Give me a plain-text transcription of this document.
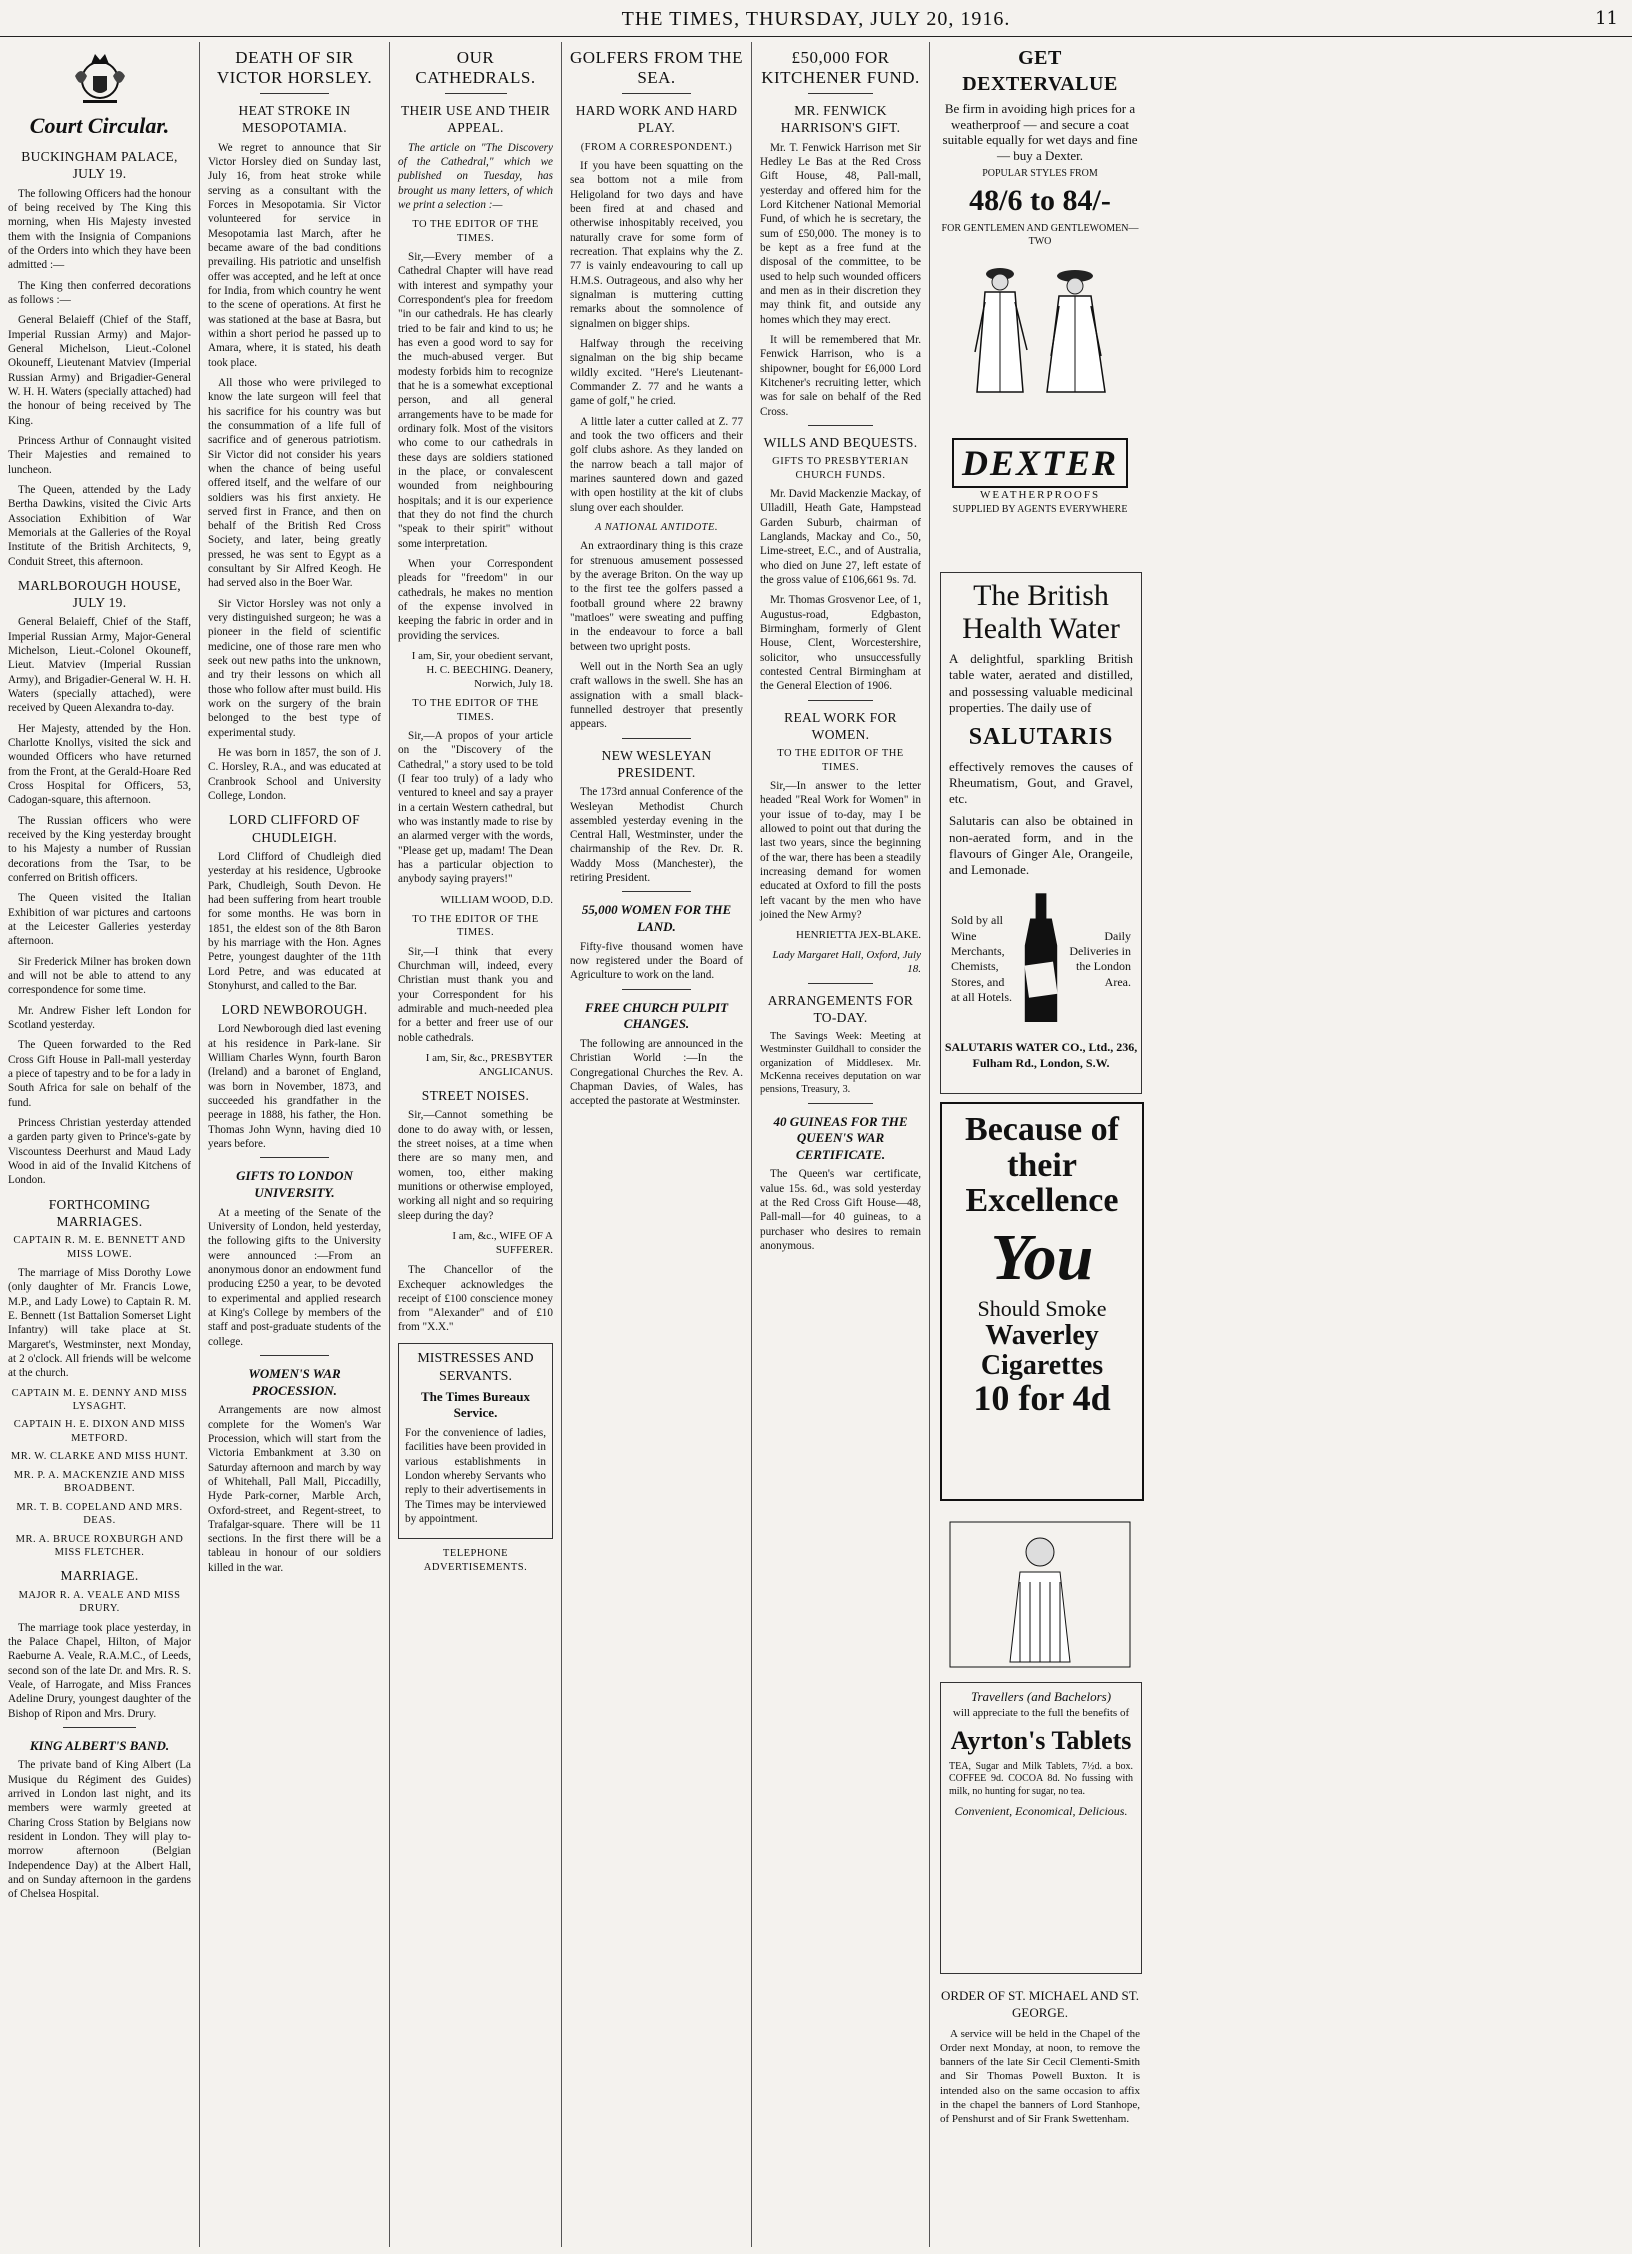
THE TIMES, THURSDAY, JULY 20, 1916.	11
Court Circular.
BUCKINGHAM PALACE, JULY 19.

The following Officers had the honour of being received by The King this morning, when His Majesty invested them with the Insignia of Companions of the Orders into which they have been admitted :—

The King then conferred decorations as follows :—

General Belaieff (Chief of the Staff, Imperial Russian Army) and Major-General Michelson, Lieut.-Colonel Okouneff, Lieutenant Matviev (Imperial Russian Army) and Brigadier-General W. H. H. Waters (specially attached) had the honour of being received by The King.

Princess Arthur of Connaught visited Their Majesties and remained to luncheon.

The Queen, attended by the Lady Bertha Dawkins, visited the Civic Arts Association Exhibition of War Memorials at the Galleries of the Royal Institute of the British Architects, 9, Conduit Street, this afternoon.

MARLBOROUGH HOUSE, JULY 19.

General Belaieff, Chief of the Staff, Imperial Russian Army, Major-General Michelson, Lieut.-Colonel Okouneff, Lieut. Matviev (Imperial Russian Army), and Brigadier-General W. H. H. Waters (specially attached), were received by Queen Alexandra to-day.

Her Majesty, attended by the Hon. Charlotte Knollys, visited the sick and wounded Officers who have returned from the Front, at the Gerald-Hoare Red Cross Hospital for Officers, 53, Cadogan-square, this afternoon.

The Russian officers who were received by the King yesterday brought to his Majesty a number of Russian decorations from the Tsar, to be conferred on British officers.

The Queen visited the Italian Exhibition of war pictures and cartoons at the Leicester Galleries yesterday afternoon.

Sir Frederick Milner has broken down and will not be able to attend to any correspondence for some time.

Mr. Andrew Fisher left London for Scotland yesterday.

The Queen forwarded to the Red Cross Gift House in Pall-mall yesterday a piece of tapestry and to be for a lady in South Africa for sale on behalf of the fund.

Princess Christian yesterday attended a garden party given to Prince's-gate by Viscountess Deerhurst and Maud Lady Wood in aid of the Invalid Kitchens of London.

FORTHCOMING MARRIAGES.
CAPTAIN R. M. E. BENNETT AND MISS LOWE.

The marriage of Miss Dorothy Lowe (only daughter of Mr. Francis Lowe, M.P., and Lady Lowe) to Captain R. M. E. Bennett (1st Battalion Somerset Light Infantry) will take place at St. Margaret's, Westminster, next Monday, at 2 o'clock. All friends will be welcome at the church.

CAPTAIN M. E. DENNY AND MISS LYSAGHT.
CAPTAIN H. E. DIXON AND MISS METFORD.
MR. W. CLARKE AND MISS HUNT.
MR. P. A. MACKENZIE AND MISS BROADBENT.
MR. T. B. COPELAND AND MRS. DEAS.
MR. A. BRUCE ROXBURGH AND MISS FLETCHER.
MARRIAGE.
MAJOR R. A. VEALE AND MISS DRURY.

The marriage took place yesterday, in the Palace Chapel, Hilton, of Major Raeburne A. Veale, R.A.M.C., of Leeds, second son of the late Dr. and Mrs. R. S. Veale, of Harrogate, and Miss Frances Adeline Drury, youngest daughter of the Bishop of Ripon and Mrs. Drury.

KING ALBERT'S BAND.

The private band of King Albert (La Musique du Régiment des Guides) arrived in London last night, and its members were warmly greeted at Charing Cross Station by Belgians now resident in London. They will play to-morrow afternoon (Belgian Independence Day) at the Albert Hall, and on Sunday afternoon in the gardens of Chelsea Hospital.

DEATH OF SIR VICTOR HORSLEY.
HEAT STROKE IN MESOPOTAMIA.

We regret to announce that Sir Victor Horsley died on Sunday last, July 16, from heat stroke while serving as a consultant with the Forces in Mesopotamia. Sir Victor volunteered for service in Mesopotamia last March, after he became aware of the bad conditions prevailing. His patriotic and unselfish offer was accepted, and he left at once for India, from which country he went to the scene of operations. At first he was stationed at the base at Basra, but within a short period he passed up to Amara, where, it is stated, his death took place.

All those who were privileged to know the late surgeon will feel that his sacrifice for his country was but the consummation of a life full of sacrifice and of generous patriotism. Sir Victor did not consider his years when the chance of being useful offered itself, and the welfare of our soldiers was his first anxiety. He served first in France, and then on behalf of the British Red Cross Society, and later, being greatly pressed, he was sent to Egypt as a consultant by Sir Alfred Keogh. He had served also in the Boer War.

Sir Victor Horsley was not only a very distinguished surgeon; he was a pioneer in the field of scientific medicine, one of those rare men who seek out new paths into the unknown, and try their lessons on which all those who follow after must build. His work on the surgery of the brain belonged to the best type of experimental study.

He was born in 1857, the son of J. C. Horsley, R.A., and was educated at Cranbrook School and University College, London.

LORD CLIFFORD OF CHUDLEIGH.

Lord Clifford of Chudleigh died yesterday at his residence, Ugbrooke Park, Chudleigh, South Devon. He had been suffering from heart trouble for some months. He was born in 1851, the eldest son of the 8th Baron by his marriage with the Hon. Agnes Petre, youngest daughter of the 11th Lord Petre, and was educated at Stonyhurst, and called to the Bar.

LORD NEWBOROUGH.

Lord Newborough died last evening at his residence in Park-lane. Sir William Charles Wynn, fourth Baron (Ireland) and a baronet of England, was born in November, 1873, and succeeded his grandfather in the peerage in 1888, his father, the Hon. Thomas John Wynn, having died 10 years before.

GIFTS TO LONDON UNIVERSITY.

At a meeting of the Senate of the University of London, held yesterday, the following gifts to the University were announced :—From an anonymous donor an endowment fund producing £250 a year, to be devoted to experimental and applied research at King's College by members of the staff and post-graduate students of the college.

WOMEN'S WAR PROCESSION.

Arrangements are now almost complete for the Women's War Procession, which will start from the Victoria Embankment at 3.30 on Saturday afternoon and march by way of Whitehall, Pall Mall, Piccadilly, Hyde Park-corner, Marble Arch, Oxford-street, and Regent-street, to Trafalgar-square. There will be 11 sections. In the first there will be a tableau in honour of our soldiers killed in the war.

OUR CATHEDRALS.
THEIR USE AND THEIR APPEAL.

The article on "The Discovery of the Cathedral," which we published on Tuesday, has brought us many letters, of which we print a selection :—

TO THE EDITOR OF THE TIMES.

Sir,—Every member of a Cathedral Chapter will have read with interest and sympathy your Correspondent's plea for freedom "in our cathedrals. He has clearly tried to be fair and kind to us; he has even a good word to say for the much-abused verger. But modesty forbids him to recognize that he is a somewhat exceptional person, and all general arrangements have to be made for ordinary folk. Most of the visitors who come to our cathedrals in these days are soldiers stationed in the place, or convalescent wounded from neighbouring hospitals; and it is our experience that they do not find the church "speak to their spirit" without some interpretation.

When your Correspondent pleads for "freedom" in our cathedrals, he makes no mention of the expense involved in keeping the fabric in order and in providing the services.

I am, Sir, your obedient servant, H. C. BEECHING. Deanery, Norwich, July 18.

TO THE EDITOR OF THE TIMES.

Sir,—A propos of your article on the "Discovery of the Cathedral," a story used to be told (I fear too truly) of a lady who ventured to kneel and say a prayer in a certain Western cathedral, but who was instantly made to rise by an alarmed verger with the words, "Please get up, madam! The Dean has a particular objection to anybody saying prayers!"

WILLIAM WOOD, D.D.

TO THE EDITOR OF THE TIMES.

Sir,—I think that every Churchman will, indeed, every Christian must thank you and your Correspondent for his admirable and much-needed plea for a better and freer use of our noble cathedrals.

I am, Sir, &c., PRESBYTER ANGLICANUS.

STREET NOISES.

Sir,—Cannot something be done to do away with, or lessen, the street noises, at a time when there are so many men, and women, too, either making munitions or otherwise employed, working all night and so requiring sleep during the day?

I am, &c., WIFE OF A SUFFERER.

The Chancellor of the Exchequer acknowledges the receipt of £100 conscience money from "Alexander" and of £10 from "X.X."

MISTRESSES AND SERVANTS.
The Times Bureaux Service.

For the convenience of ladies, facilities have been provided in various establishments in London whereby Servants who reply to their advertisements in The Times may be interviewed by appointment.

TELEPHONE ADVERTISEMENTS.
GOLFERS FROM THE SEA.
HARD WORK AND HARD PLAY.
(FROM A CORRESPONDENT.)

If you have been squatting on the sea bottom not a mile from Heligoland for two days and have been fired at and chased and otherwise inhospitably received, you naturally crave for some form of recreation. That explains why the Z. 77 is vainly endeavouring to call up H.M.S. Outrageous, and also why her signalman is muttering cutting remarks about the somnolence of signalmen on bigger ships.

Halfway through the receiving signalman on the big ship became wildly excited. "Here's Lieutenant-Commander Z. 77 and he wants a game of golf," he cried.

A little later a cutter called at Z. 77 and took the two officers and their golf clubs ashore. As they landed on the narrow beach a tall major of marines sauntered down and gazed with open hostility at the kit of clubs slung over each shoulder.

A NATIONAL ANTIDOTE.

An extraordinary thing is this craze for strenuous amusement possessed by the average Briton. On the way up to the first tee the golfers passed a football ground where 22 brawny "matloes" were sweating and puffing in the endeavour to force a ball between two upright posts.

Well out in the North Sea an ugly craft wallows in the swell. She has an assignation with a small black-funnelled destroyer that presently appears.

NEW WESLEYAN PRESIDENT.

The 173rd annual Conference of the Wesleyan Methodist Church assembled yesterday evening in the Central Hall, Westminster, under the chairmanship of the Rev. Dr. R. Waddy Moss (Manchester), the retiring President.

55,000 WOMEN FOR THE LAND.

Fifty-five thousand women have now registered under the Board of Agriculture to work on the land.

FREE CHURCH PULPIT CHANGES.

The following are announced in the Christian World :—In the Congregational Churches the Rev. A. Chapman Davies, of Wales, has accepted the pastorate at Westminster.

£50,000 FOR KITCHENER FUND.
MR. FENWICK HARRISON'S GIFT.

Mr. T. Fenwick Harrison met Sir Hedley Le Bas at the Red Cross Gift House, 48, Pall-mall, yesterday and offered him for the Lord Kitchener National Memorial Fund, of which he is secretary, the sum of £50,000. The money is to be kept as a free fund at the disposal of the committee, to be used to help such wounded officers and men as in their discretion they may think fit, and outside any homes which they may erect.

It will be remembered that Mr. Fenwick Harrison, who is a shipowner, bought for £6,000 Lord Kitchener's recruiting letter, which was for sale on behalf of the Red Cross.

WILLS AND BEQUESTS.
GIFTS TO PRESBYTERIAN CHURCH FUNDS.

Mr. David Mackenzie Mackay, of Ulladill, Heath Gate, Hampstead Garden Suburb, chairman of Langlands, Mackay and Co., 50, Lime-street, E.C., and of Australia, who died on June 27, left estate of the gross value of £106,661 9s. 7d.

Mr. Thomas Grosvenor Lee, of 1, Augustus-road, Edgbaston, Birmingham, formerly of Glent House, Clent, Worcestershire, solicitor, who unsuccessfully contested Central Birmingham at the General Election of 1906.

REAL WORK FOR WOMEN.
TO THE EDITOR OF THE TIMES.

Sir,—In answer to the letter headed "Real Work for Women" in your issue of to-day, may I be allowed to point out that during the last two years, since the beginning of the war, there has been a steadily increasing demand for women educated at Oxford to fill the posts left vacant by the men who have joined the New Army?

HENRIETTA JEX-BLAKE.

Lady Margaret Hall, Oxford, July 18.

ARRANGEMENTS FOR TO-DAY.

The Savings Week: Meeting at Westminster Guildhall to consider the organization of Middlesex. Mr. McKenna receives deputation on war pensions, Treasury, 3.

40 GUINEAS FOR THE QUEEN'S WAR CERTIFICATE.

The Queen's war certificate, value 15s. 6d., was sold yesterday at the Red Cross Gift House—48, Pall-mall—for 40 guineas, to a purchaser who desires to remain anonymous.

GET DEXTERVALUE
Be firm in avoiding high prices for a weatherproof — and secure a coat suitable equally for wet days and fine — buy a Dexter.
POPULAR STYLES FROM
48/6 to 84/-
FOR GENTLEMEN AND GENTLEWOMEN—TWO
DEXTER
WEATHERPROOFS
SUPPLIED BY AGENTS EVERYWHERE
The British Health Water
A delightful, sparkling British table water, aerated and distilled, and possessing valuable medicinal properties. The daily use of
SALUTARIS
effectively removes the causes of Rheumatism, Gout, and Gravel, etc.
Salutaris can also be obtained in non-aerated form, and in the flavours of Ginger Ale, Orangeile, and Lemonade.
Sold by all Wine Merchants, Chemists, Stores, and at all Hotels.
Daily Deliveries in the London Area.
SALUTARIS WATER CO., Ltd., 236, Fulham Rd., London, S.W.
Because of their Excellence
You
Should Smoke
Waverley Cigarettes
10 for 4d
Travellers (and Bachelors)
will appreciate to the full the benefits of
Ayrton's Tablets
TEA, Sugar and Milk Tablets, 7½d. a box. COFFEE 9d. COCOA 8d. No fussing with milk, no hunting for sugar, no tea.
Convenient, Economical, Delicious.
ORDER OF ST. MICHAEL AND ST. GEORGE.

A service will be held in the Chapel of the Order next Monday, at noon, to remove the banners of the late Sir Cecil Clementi-Smith and Sir Thomas Powell Buxton. It is intended also on the same occasion to affix in the chapel the banners of Lord Stanhope, of Penshurst and of Sir Frank Swettenham.
